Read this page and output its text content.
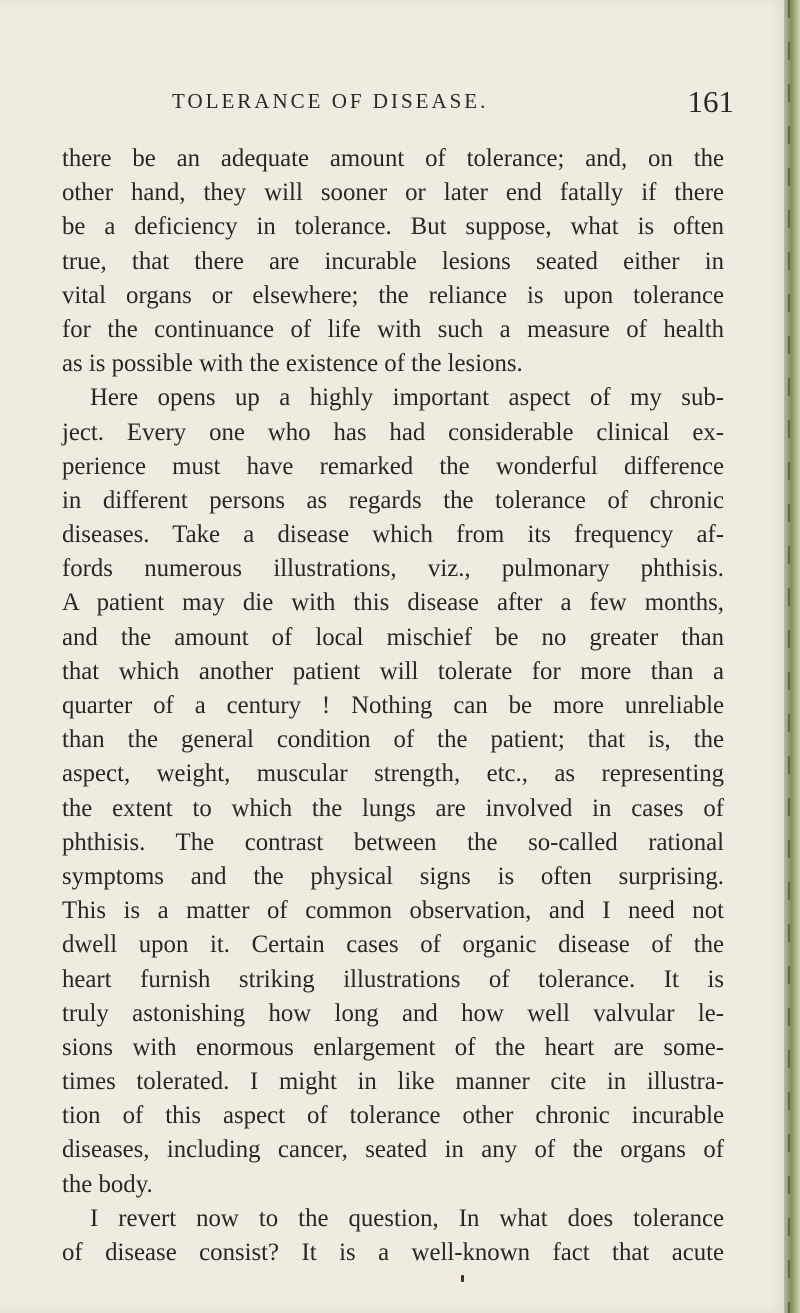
TOLERANCE OF DISEASE.	161
there be an adequate amount of tolerance; and, on the
other hand, they will sooner or later end fatally if there
be a deficiency in tolerance. But suppose, what is often
true, that there are incurable lesions seated either in
vital organs or elsewhere; the reliance is upon tolerance
for the continuance of life with such a measure of health
as is possible with the existence of the lesions.
Here opens up a highly important aspect of my sub-
ject. Every one who has had considerable clinical ex-
perience must have remarked the wonderful difference
in different persons as regards the tolerance of chronic
diseases. Take a disease which from its frequency af-
fords numerous illustrations, viz., pulmonary phthisis.
A patient may die with this disease after a few months,
and the amount of local mischief be no greater than
that which another patient will tolerate for more than a
quarter of a century ! Nothing can be more unreliable
than the general condition of the patient; that is, the
aspect, weight, muscular strength, etc., as representing
the extent to which the lungs are involved in cases of
phthisis. The contrast between the so-called rational
symptoms and the physical signs is often surprising.
This is a matter of common observation, and I need not
dwell upon it. Certain cases of organic disease of the
heart furnish striking illustrations of tolerance. It is
truly astonishing how long and how well valvular le-
sions with enormous enlargement of the heart are some-
times tolerated. I might in like manner cite in illustra-
tion of this aspect of tolerance other chronic incurable
diseases, including cancer, seated in any of the organs of
the body.
I revert now to the question, In what does tolerance
of disease consist? It is a well-known fact that acute
